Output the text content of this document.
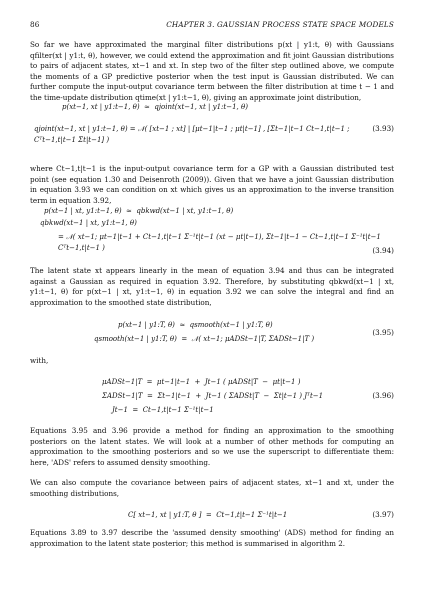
86	CHAPTER 3. GAUSSIAN PROCESS STATE SPACE MODELS

So far we have approximated the marginal filter distributions p(xt | y1:t, θ) with Gaussians qfilter(xt | y1:t, θ), however, we could extend the approximation and fit joint Gaussian distributions to pairs of adjacent states, xt−1 and xt. In step two of the filter step outlined above, we compute the moments of a GP predictive posterior when the test input is Gaussian distributed. We can further compute the input-output covariance term between the filter distribution at time t − 1 and the time-update distribution qtime(xt | y1:t−1, θ), giving an approximate joint distribution,

p(xt−1, xt | y1:t−1, θ)  ≈  qjoint(xt−1, xt | y1:t−1, θ)
qjoint(xt−1, xt | y1:t−1, θ) = 𝒩( [xt−1 ; xt] | [μt−1|t−1 ; μt|t−1] , [Σt−1|t−1 Ct−1,t|t−1 ; Cᵀt−1,t|t−1 Σt|t−1] )
(3.93)

where Ct−1,t|t−1 is the input-output covariance term for a GP with a Gaussian distributed test point (see equation 1.30 and Deisenroth (2009)). Given that we have a joint Gaussian distribution in equation 3.93 we can condition on xt which gives us an approximation to the inverse transition term in equation 3.92,

p(xt−1 | xt, y1:t−1, θ)  ≈  qbkwd(xt−1 | xt, y1:t−1, θ)
qbkwd(xt−1 | xt, y1:t−1, θ)
= 𝒩( xt−1; μt−1|t−1 + Ct−1,t|t−1 Σ⁻¹t|t−1 (xt − μt|t−1), Σt−1|t−1 − Ct−1,t|t−1 Σ⁻¹t|t−1 Cᵀt−1,t|t−1 )	(3.94)

The latent state xt appears linearly in the mean of equation 3.94 and thus can be integrated against a Gaussian as required in equation 3.92. Therefore, by substituting qbkwd(xt−1 | xt, y1:t−1, θ) for p(xt−1 | xt, y1:t−1, θ) in equation 3.92 we can solve the integral and find an approximation to the smoothed state distribution,

p(xt−1 | y1:T, θ)  ≈  qsmooth(xt−1 | y1:T, θ)
qsmooth(xt−1 | y1:T, θ)  =  𝒩( xt−1; μADSt−1|T, ΣADSt−1|T )
(3.95)
with,
μADSt−1|T  =  μt−1|t−1  +  Jt−1 ( μADSt|T  −  μt|t−1 )
ΣADSt−1|T  =  Σt−1|t−1  +  Jt−1 ( ΣADSt|T  −  Σt|t−1 ) Jᵀt−1
Jt−1  =  Ct−1,t|t−1 Σ⁻¹t|t−1
(3.96)

Equations 3.95 and 3.96 provide a method for finding an approximation to the smoothing posteriors on the latent states. We will look at a number of other methods for computing an approximation to the smoothing posteriors and so we use the superscript to differentiate them: here, 'ADS' refers to assumed density smoothing.

We can also compute the covariance between pairs of adjacent states, xt−1 and xt, under the smoothing distributions,

C[ xt−1, xt | y1:T, θ ]  =  Ct−1,t|t−1 Σ⁻¹t|t−1	(3.97)

Equations 3.89 to 3.97 describe the 'assumed density smoothing' (ADS) method for finding an approximation to the latent state posterior; this method is summarised in algorithm 2.
